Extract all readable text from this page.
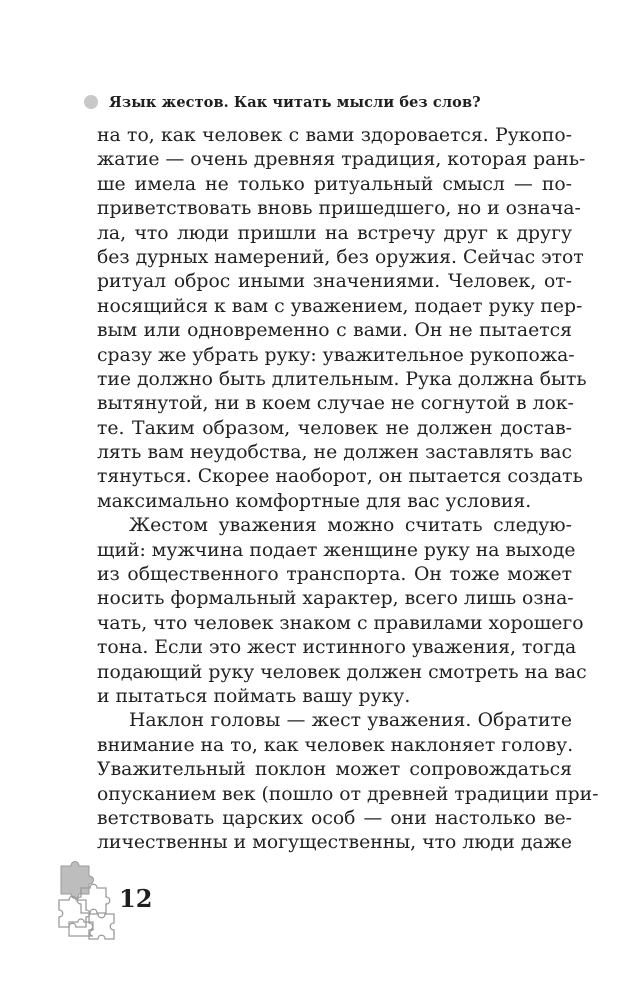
Язык жестов. Как читать мысли без слов?
на то, как человек с вами здоровается. Рукопо-
жатие — очень древняя традиция, которая рань-
ше имела не только ритуальный смысл — по-
приветствовать вновь пришедшего, но и означа-
ла, что люди пришли на встречу друг к другу
без дурных намерений, без оружия. Сейчас этот
ритуал оброс иными значениями. Человек, от-
носящийся к вам с уважением, подает руку пер-
вым или одновременно с вами. Он не пытается
сразу же убрать руку: уважительное рукопожа-
тие должно быть длительным. Рука должна быть
вытянутой, ни в коем случае не согнутой в лок-
те. Таким образом, человек не должен достав-
лять вам неудобства, не должен заставлять вас
тянуться. Скорее наоборот, он пытается создать
максимально комфортные для вас условия.
Жестом уважения можно считать следую-
щий: мужчина подает женщине руку на выходе
из общественного транспорта. Он тоже может
носить формальный характер, всего лишь озна-
чать, что человек знаком с правилами хорошего
тона. Если это жест истинного уважения, тогда
подающий руку человек должен смотреть на вас
и пытаться поймать вашу руку.
Наклон головы — жест уважения. Обратите
внимание на то, как человек наклоняет голову.
Уважительный поклон может сопровождаться
опусканием век (пошло от древней традиции при-
ветствовать царских особ — они настолько ве-
личественны и могущественны, что люди даже
12
